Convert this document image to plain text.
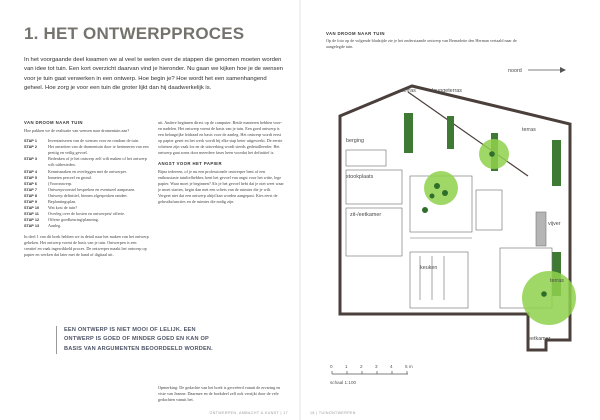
1. HET ONTWERPPROCES

In het voorgaande deel kwamen we al veel te weten over de stappen die genomen moeten worden van idee tot tuin. Een kort overzicht daarvan vind je hieronder. Nu gaan we kijken hoe je de wensen voor je tuin gaat verwerken in een ontwerp. Hoe begin je? Hoe wordt het een samenhangend geheel. Hoe zorg je voor een tuin die groter lijkt dan hij daadwerkelijk is.

VAN DROOM NAAR TUIN

Hoe pakken we de realisatie van wensen naar dromentuin aan?

STAP 1	Inventariseren van de wensen voor en rondom de tuin.
STAP 2	Het omzetten van de dromentuin door te herinneren van een prettig en veilig gevoel.
STAP 3	Bedenken of je het ontwerp zelf wilt maken of het ontwerp wilt uitbesteden.
STAP 4	Kennismaken en overleggen met de ontwerper.
STAP 5	Inmeten perceel en grond.
STAP 6	(Voorontwerp.
STAP 7	Ontwerpvoorstel bespreken en eventueel aanpassen.
STAP 8	Ontwerp definitief, binnen afgesproken randen.
STAP 9	Beplantingsplan.
STAP 10	Wat kost de tuin?
STAP 11	Overleg over de kosten en ontwerpen/ offerte.
STAP 12	Offerte goedkeuring/planning.
STAP 13	Aanleg.

In deel 1 van dit boek hebben we in detail naar het maken van het ontwerp gekeken. Het ontwerp vormt de basis van je tuin. Ontwerpen is een creatief en vaak ingewikkeld proces. De ontwerper maakt het ontwerp op papier en werken dat later met de hand of digitaal uit.

uit. Andere beginnen direct op de computer. Beide manieren hebben voor- en nadelen. Het ontwerp vormt de basis van je tuin. Een goed ontwerp is een belangrijke leidraad en basis voor de aanleg. Het ontwerp wordt eerst op papier gezet en het werk wordt bij elke stap beter uitgewerkt. De eerste schetsen zijn vaak los en de uitwerking wordt steeds gedetailleerder. Het ontwerp gaat soms door meerdere fases heen voordat het definitief is.

ANGST VOOR HET PAPIER

Bijna iedereen, of je nu een professionele ontwerper bent of een enthousiaste tuinliefhebber, kent het gevoel van angst voor het witte, lege papier. Waar moet je beginnen? Als je het gevoel hebt dat je niet weet waar je moet starten, begin dan met een schets van de ruimtes die je wilt. Vergeet niet dat een ontwerp altijd kan worden aangepast. Kies eerst de gebruiksfuncties en de ruimtes die nodig zijn.

EEN ONTWERP IS NIET MOOI OF LELIJK. EEN ONTWERP IS GOED OF MINDER GOED EN KAN OP BASIS VAN ARGUMENTEN BEOORDEELD WORDEN.

Opmerking: De gedachte van het boek is gecreëerd vanuit de ervaring en visie van Jeanne. Daarmee en de boekdeel zelf ook verrijkt door de vele gedachten vanuit het.

ONTWERPEN, AMBACHT & KUNST | 17
VAN DROOM NAAR TUIN

Op de foto op de volgende bladzijde zie je het onderstaande ontwerp van Bernadette den Herman vertaald naar de aangelegde tuin.

noord
terras	loungeterras
berging
terras
stookplaats
zit-/eetkamer
keuken
vijver
terras
eetkamer
0	1	2	3	4	5 m
schaal 1:100
18 | TUINONTWERPEN
